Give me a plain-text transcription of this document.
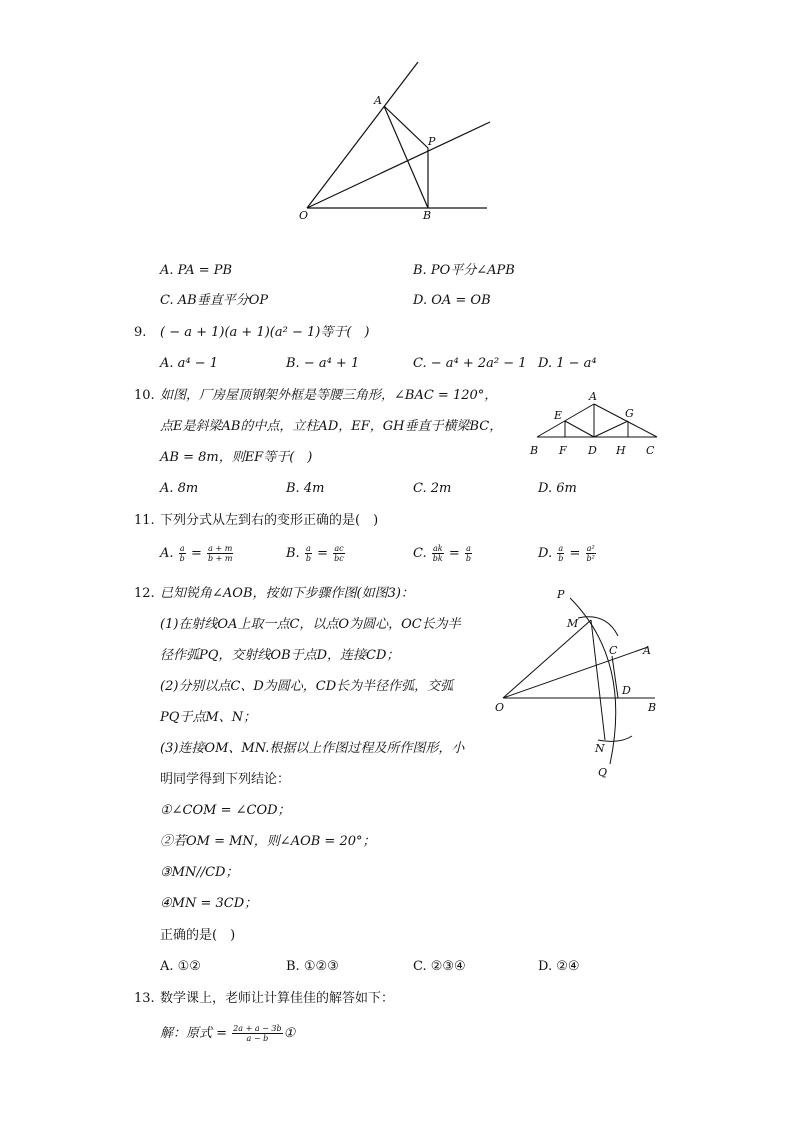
A
P
O	B
A. PA = PB	B. PO平分∠APB
C. AB垂直平分OP	D. OA = OB
9. ( − a + 1)(a + 1)(a² − 1)等于(　)
A. a⁴ − 1	B. − a⁴ + 1	C. − a⁴ + 2a² − 1 D. 1 − a⁴
10. 如图，厂房屋顶钢架外框是等腰三角形，∠BAC = 120°，
点E是斜梁AB的中点，立柱AD，EF，GH垂直于横梁BC，
AB = 8m，则EF等于(　)
A
E	G
B F D H C
A. 8m	B. 4m	C. 2m	D. 6m
11. 下列分式从左到右的变形正确的是(　)
A. $\frac{a}{b} = \frac{a + m}{b + m}$	B. $\frac{a}{b} = \frac{ac}{bc}$	C. $\frac{ak}{bk} = \frac{a}{b}$	D. $\frac{a}{b} = \frac{\text{a²}}{\text{b²}}$
12. 已知锐角∠AOB，按如下步骤作图(如图3)：
(1)在射线OA上取一点C，以点O为圆心，OC长为半
径作弧PQ，交射线OB于点D，连接CD；
(2)分别以点C、D为圆心，CD长为半径作弧，交弧
PQ于点M、N；
(3)连接OM、MN.根据以上作图过程及所作图形，小
明同学得到下列结论：
①∠COM = ∠COD；
②若OM = MN，则∠AOB = 20°；
③MN//CD；
④MN = 3CD；
正确的是(　)
P
M
C A
D
O	B
N
Q
A. ①②	B. ①②③	C. ②③④	D. ②④
13. 数学课上，老师让计算佳佳的解答如下：
解：原式 = $\frac{2a + a - 3b}{a - b}$ ①
